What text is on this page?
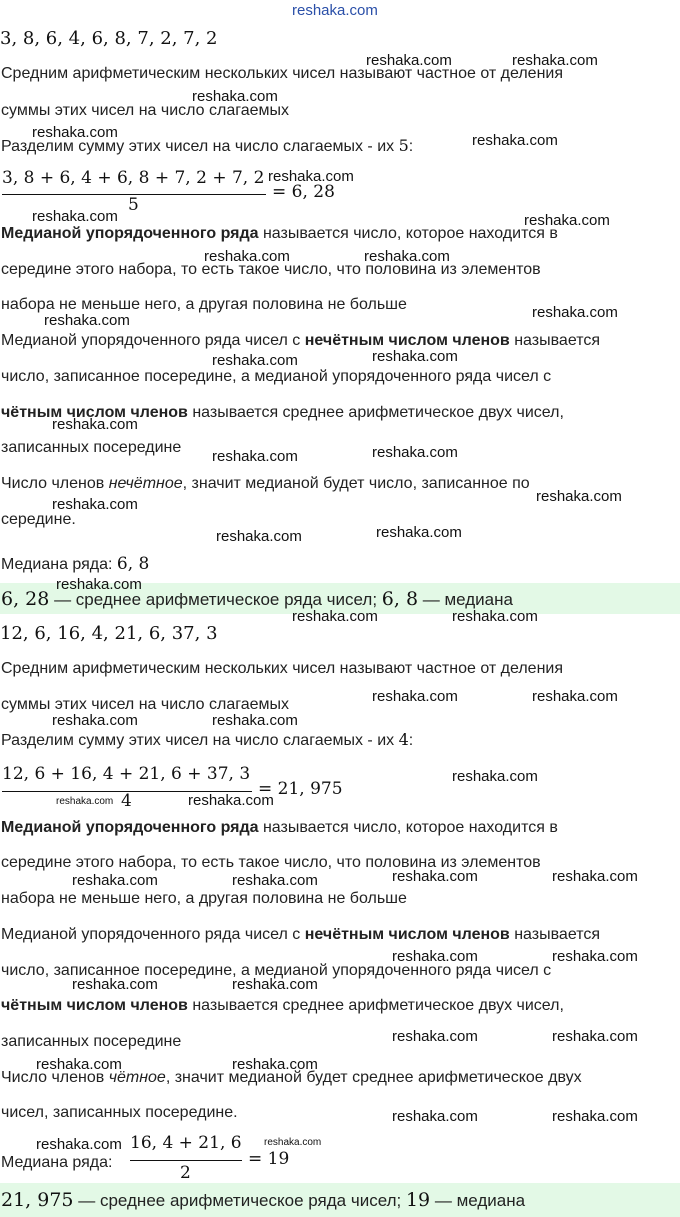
3, 8, 6, 4, 6, 8, 7, 2, 7, 2
Средним арифметическим нескольких чисел называют частное от деления
суммы этих чисел на число слагаемых
Разделим сумму этих чисел на число слагаемых - их 5:
3, 8 + 6, 4 + 6, 8 + 7, 2 + 7, 2
5
= 6, 28
Медианой упорядоченного ряда называется число, которое находится в
середине этого набора, то есть такое число, что половина из элементов
набора не меньше него, а другая половина не больше
Медианой упорядоченного ряда чисел с нечётным числом членов называется
число, записанное посередине, а медианой упорядоченного ряда чисел с
чётным числом членов называется среднее арифметическое двух чисел,
записанных посередине
Число членов нечётное, значит медианой будет число, записанное по
середине.
Медиана ряда: 6, 8
6, 28 — среднее арифметическое ряда чисел; 6, 8 — медиана
12, 6, 16, 4, 21, 6, 37, 3
Средним арифметическим нескольких чисел называют частное от деления
суммы этих чисел на число слагаемых
Разделим сумму этих чисел на число слагаемых - их 4:
12, 6 + 16, 4 + 21, 6 + 37, 3
4
= 21, 975
Медианой упорядоченного ряда называется число, которое находится в
середине этого набора, то есть такое число, что половина из элементов
набора не меньше него, а другая половина не больше
Медианой упорядоченного ряда чисел с нечётным числом членов называется
число, записанное посередине, а медианой упорядоченного ряда чисел с
чётным числом членов называется среднее арифметическое двух чисел,
записанных посередине
Число членов чётное, значит медианой будет среднее арифметическое двух
чисел, записанных посередине.
Медиана ряда:
16, 4 + 21, 6
2
= 19
21, 975 — среднее арифметическое ряда чисел; 19 — медиана
reshaka.com
reshaka.com	reshaka.com
reshaka.com
reshaka.com	reshaka.com
reshaka.com
reshaka.com	reshaka.com
reshaka.com	reshaka.com
reshaka.com
reshaka.com
reshaka.com
reshaka.com
reshaka.com
reshaka.com
reshaka.com
reshaka.com
reshaka.com
reshaka.com
reshaka.com
reshaka.com
reshaka.com	reshaka.com
reshaka.com	reshaka.com
reshaka.com	reshaka.com
reshaka.com
reshaka.com	reshaka.com
reshaka.com	reshaka.com
reshaka.com	reshaka.com
reshaka.com	reshaka.com
reshaka.com	reshaka.com
reshaka.com	reshaka.com
reshaka.com	reshaka.com
reshaka.com	reshaka.com
reshaka.com	reshaka.com
